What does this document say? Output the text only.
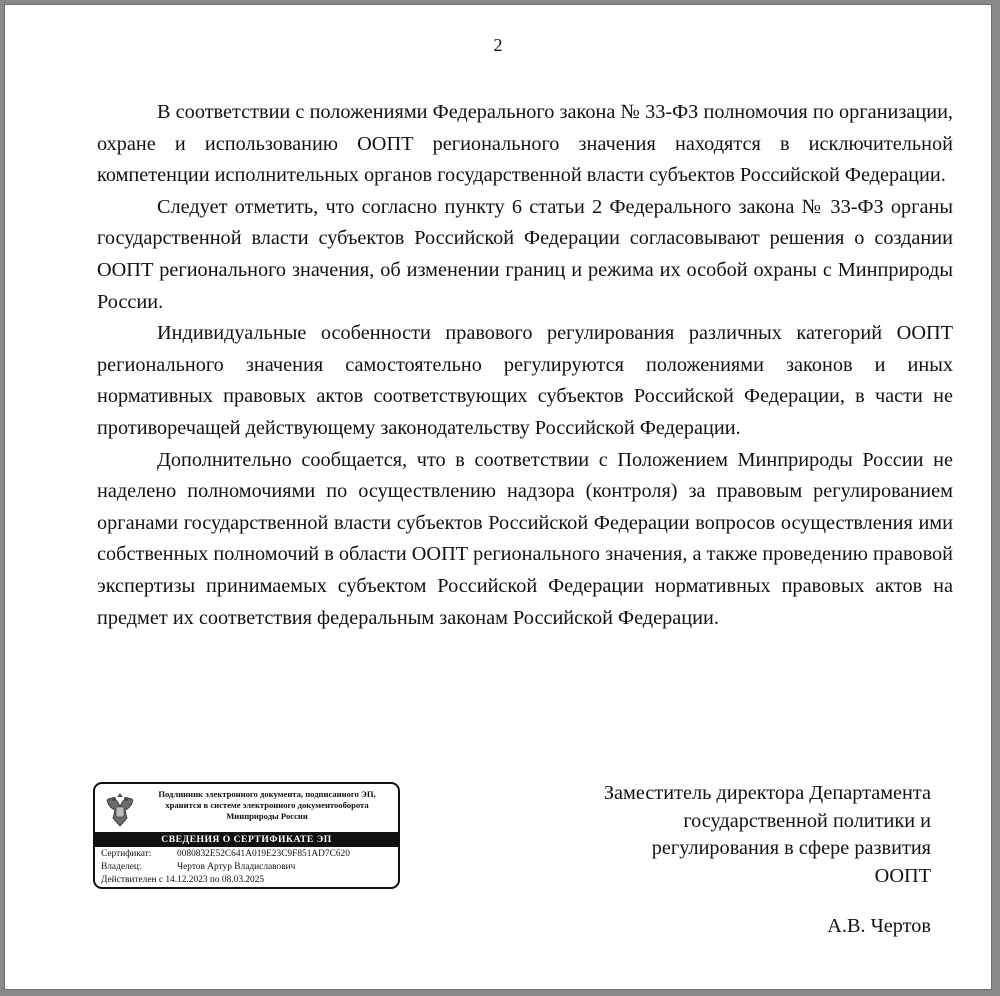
2

В соответствии с положениями Федерального закона № 33-ФЗ полномочия по организации, охране и использованию ООПТ регионального значения находятся в исключительной компетенции исполнительных органов государственной власти субъектов Российской Федерации.

Следует отметить, что согласно пункту 6 статьи 2 Федерального закона № 33-ФЗ органы государственной власти субъектов Российской Федерации согласовывают решения о создании ООПТ регионального значения, об изменении границ и режима их особой охраны с Минприроды России.

Индивидуальные особенности правового регулирования различных категорий ООПТ регионального значения самостоятельно регулируются положениями законов и иных нормативных правовых актов соответствующих субъектов Российской Федерации, в части не противоречащей действующему законодательству Российской Федерации.

Дополнительно сообщается, что в соответствии с Положением Минприроды России не наделено полномочиями по осуществлению надзора (контроля) за правовым регулированием органами государственной власти субъектов Российской Федерации вопросов осуществления ими собственных полномочий в области ООПТ регионального значения, а также проведению правовой экспертизы принимаемых субъектом Российской Федерации нормативных правовых актов на предмет их соответствия федеральным законам Российской Федерации.

Подлинник электронного документа, подписанного ЭП,
хранится в системе электронного документооборота
Минприроды России
СВЕДЕНИЯ О СЕРТИФИКАТЕ ЭП
Сертификат:	0080832E52C641A019E23C9F851AD7C620
Владелец:	Чертов Артур Владиславович
Действителен с 14.12.2023 по 08.03.2025
Заместитель директора Департамента
государственной политики и
регулирования в сфере развития
ООПТ
А.В. Чертов
